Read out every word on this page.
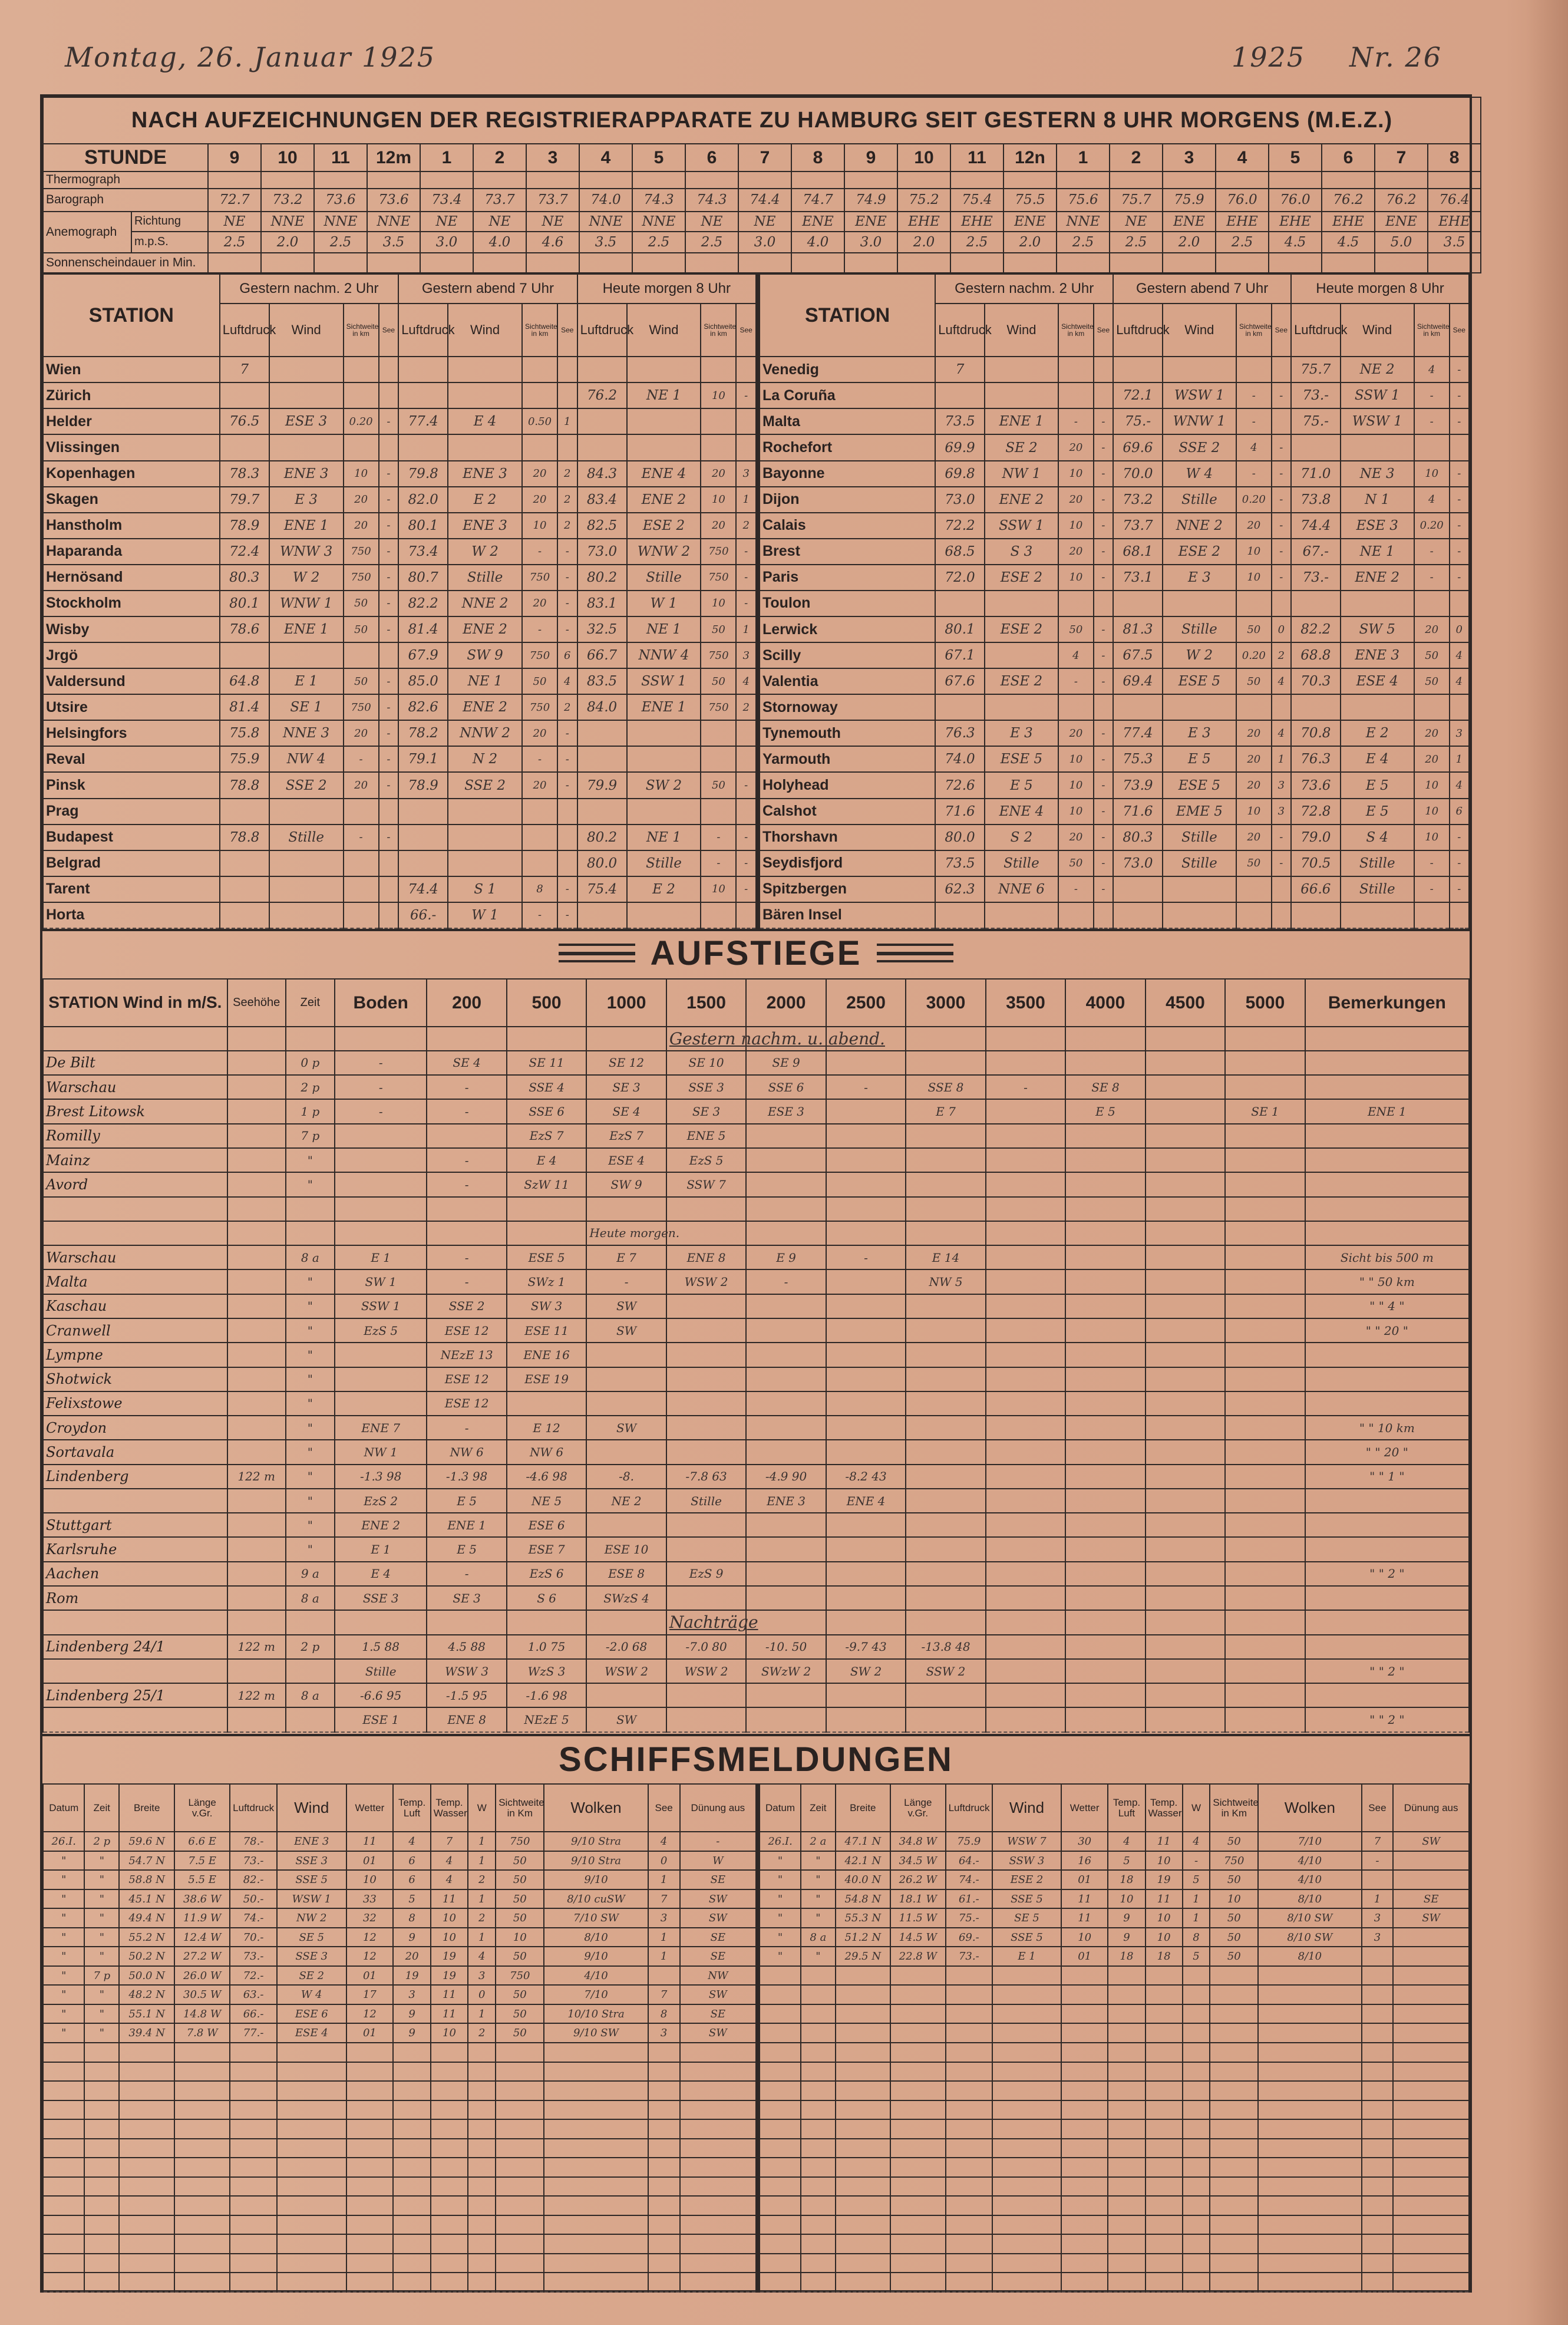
Montag, 26. Januar 1925	1925 Nr. 26
NACH AUFZEICHNUNGEN DER REGISTRIERAPPARATE ZU HAMBURG SEIT GESTERN 8 UHR MORGENS (M.E.Z.)																									
STUNDE		9	10	11	12m	1	2	3	4	5	6	7	8	9	10	11	12n	1	2	3	4	5	6	7	8
Thermograph																									
Barograph		72.7	73.2	73.6	73.6	73.4	73.7	73.7	74.0	74.3	74.3	74.4	74.7	74.9	75.2	75.4	75.5	75.6	75.7	75.9	76.0	76.0	76.2	76.2	76.4
Anemograph	Richtung	NE	NNE	NNE	NNE	NE	NE	NE	NNE	NNE	NE	NE	ENE	ENE	EHE	EHE	ENE	NNE	NE	ENE	EHE	EHE	EHE	ENE	EHE
	m.p.S.	2.5	2.0	2.5	3.5	3.0	4.0	4.6	3.5	2.5	2.5	3.0	4.0	3.0	2.0	2.5	2.0	2.5	2.5	2.0	2.5	4.5	4.5	5.0	3.5
Sonnenscheindauer in Min.																									
STATION	Gestern nachm. 2 Uhr				Gestern abend 7 Uhr				Heute morgen 8 Uhr			
	Luftdruck	Wind	Sichtweite in km	See	Luftdruck	Wind	Sichtweite in km	See	Luftdruck	Wind	Sichtweite in km	See
Wien	7											
Zürich									76.2	NE 1	10	-
Helder	76.5	ESE 3	0.20	-	77.4	E 4	0.50	1				
Vlissingen												
Kopenhagen	78.3	ENE 3	10	-	79.8	ENE 3	20	2	84.3	ENE 4	20	3
Skagen	79.7	E 3	20	-	82.0	E 2	20	2	83.4	ENE 2	10	1
Hanstholm	78.9	ENE 1	20	-	80.1	ENE 3	10	2	82.5	ESE 2	20	2
Haparanda	72.4	WNW 3	750	-	73.4	W 2	-	-	73.0	WNW 2	750	-
Hernösand	80.3	W 2	750	-	80.7	Stille	750	-	80.2	Stille	750	-
Stockholm	80.1	WNW 1	50	-	82.2	NNE 2	20	-	83.1	W 1	10	-
Wisby	78.6	ENE 1	50	-	81.4	ENE 2	-	-	32.5	NE 1	50	1
Jrgö					67.9	SW 9	750	6	66.7	NNW 4	750	3
Valdersund	64.8	E 1	50	-	85.0	NE 1	50	4	83.5	SSW 1	50	4
Utsire	81.4	SE 1	750	-	82.6	ENE 2	750	2	84.0	ENE 1	750	2
Helsingfors	75.8	NNE 3	20	-	78.2	NNW 2	20	-				
Reval	75.9	NW 4	-	-	79.1	N 2	-	-				
Pinsk	78.8	SSE 2	20	-	78.9	SSE 2	20	-	79.9	SW 2	50	-
Prag												
Budapest	78.8	Stille	-	-					80.2	NE 1	-	-
Belgrad									80.0	Stille	-	-
Tarent					74.4	S 1	8	-	75.4	E 2	10	-
Horta					66.-	W 1	-	-				
STATION	Gestern nachm. 2 Uhr				Gestern abend 7 Uhr				Heute morgen 8 Uhr			
	Luftdruck	Wind	Sichtweite in km	See	Luftdruck	Wind	Sichtweite in km	See	Luftdruck	Wind	Sichtweite in km	See
Venedig	7								75.7	NE 2	4	-
La Coruña					72.1	WSW 1	-	-	73.-	SSW 1	-	-
Malta	73.5	ENE 1	-	-	75.-	WNW 1	-		75.-	WSW 1	-	-
Rochefort	69.9	SE 2	20	-	69.6	SSE 2	4	-				
Bayonne	69.8	NW 1	10	-	70.0	W 4	-	-	71.0	NE 3	10	-
Dijon	73.0	ENE 2	20	-	73.2	Stille	0.20	-	73.8	N 1	4	-
Calais	72.2	SSW 1	10	-	73.7	NNE 2	20	-	74.4	ESE 3	0.20	-
Brest	68.5	S 3	20	-	68.1	ESE 2	10	-	67.-	NE 1	-	-
Paris	72.0	ESE 2	10	-	73.1	E 3	10	-	73.-	ENE 2	-	-
Toulon												
Lerwick	80.1	ESE 2	50	-	81.3	Stille	50	0	82.2	SW 5	20	0
Scilly	67.1		4	-	67.5	W 2	0.20	2	68.8	ENE 3	50	4
Valentia	67.6	ESE 2	-	-	69.4	ESE 5	50	4	70.3	ESE 4	50	4
Stornoway												
Tynemouth	76.3	E 3	20	-	77.4	E 3	20	4	70.8	E 2	20	3
Yarmouth	74.0	ESE 5	10	-	75.3	E 5	20	1	76.3	E 4	20	1
Holyhead	72.6	E 5	10	-	73.9	ESE 5	20	3	73.6	E 5	10	4
Calshot	71.6	ENE 4	10	-	71.6	EME 5	10	3	72.8	E 5	10	6
Thorshavn	80.0	S 2	20	-	80.3	Stille	20	-	79.0	S 4	10	-
Seydisfjord	73.5	Stille	50	-	73.0	Stille	50	-	70.5	Stille	-	-
Spitzbergen	62.3	NNE 6	-	-					66.6	Stille	-	-
Bären Insel												
AUFSTIEGE
STATION Wind in m/S.	Seehöhe	Zeit	Boden	200	500	1000	1500	2000	2500	3000	3500	4000	4500	5000	Bemerkungen
							Gestern nachm. u. abend.								
De Bilt		0 p	-	SE 4	SE 11	SE 12	SE 10	SE 9							
Warschau		2 p	-	-	SSE 4	SE 3	SSE 3	SSE 6	-	SSE 8	-	SE 8			
Brest Litowsk		1 p	-	-	SSE 6	SE 4	SE 3	ESE 3		E 7		E 5		SE 1	ENE 1
Romilly		7 p			EzS 7	EzS 7	ENE 5								
Mainz		"		-	E 4	ESE 4	EzS 5								
Avord		"		-	SzW 11	SW 9	SSW 7								

						Heute morgen.									
Warschau		8 a	E 1	-	ESE 5	E 7	ENE 8	E 9	-	E 14					Sicht bis 500 m
Malta		"	SW 1	-	SWz 1	-	WSW 2	-		NW 5					" " 50 km
Kaschau		"	SSW 1	SSE 2	SW 3	SW									" " 4 "
Cranwell		"	EzS 5	ESE 12	ESE 11	SW									" " 20 "
Lympne		"		NEzE 13	ENE 16										
Shotwick		"		ESE 12	ESE 19										
Felixstowe		"		ESE 12											
Croydon		"	ENE 7	-	E 12	SW									" " 10 km
Sortavala		"	NW 1	NW 6	NW 6										" " 20 "
Lindenberg	122 m	"	-1.3 98	-1.3 98	-4.6 98	-8.	-7.8 63	-4.9 90	-8.2 43						" " 1 "
		"	EzS 2	E 5	NE 5	NE 2	Stille	ENE 3	ENE 4						
Stuttgart		"	ENE 2	ENE 1	ESE 6										
Karlsruhe		"	E 1	E 5	ESE 7	ESE 10									
Aachen		9 a	E 4	-	EzS 6	ESE 8	EzS 9								" " 2 "
Rom		8 a	SSE 3	SE 3	S 6	SWzS 4									
							Nachträge								
Lindenberg 24/1	122 m	2 p	1.5 88	4.5 88	1.0 75	-2.0 68	-7.0 80	-10. 50	-9.7 43	-13.8 48					
			Stille	WSW 3	WzS 3	WSW 2	WSW 2	SWzW 2	SW 2	SSW 2					" " 2 "
Lindenberg 25/1	122 m	8 a	-6.6 95	-1.5 95	-1.6 98										
			ESE 1	ENE 8	NEzE 5	SW									" " 2 "
SCHIFFSMELDUNGEN
Datum	Zeit	Breite	Länge v.Gr.	Luftdruck	Wind	Wetter	Temp. Luft	Temp. Wasser	W	Sichtweite in Km	Wolken	See	Dünung aus
26.I.	2 p	59.6 N	6.6 E	78.-	ENE 3	11	4	7	1	750	9/10 Stra	4	-
"	"	54.7 N	7.5 E	73.-	SSE 3	01	6	4	1	50	9/10 Stra	0	W
"	"	58.8 N	5.5 E	82.-	SSE 5	10	6	4	2	50	9/10	1	SE
"	"	45.1 N	38.6 W	50.-	WSW 1	33	5	11	1	50	8/10 cuSW	7	SW
"	"	49.4 N	11.9 W	74.-	NW 2	32	8	10	2	50	7/10 SW	3	SW
"	"	55.2 N	12.4 W	70.-	SE 5	12	9	10	1	10	8/10	1	SE
"	"	50.2 N	27.2 W	73.-	SSE 3	12	20	19	4	50	9/10	1	SE
"	7 p	50.0 N	26.0 W	72.-	SE 2	01	19	19	3	750	4/10		NW
"	"	48.2 N	30.5 W	63.-	W 4	17	3	11	0	50	7/10	7	SW
"	"	55.1 N	14.8 W	66.-	ESE 6	12	9	11	1	50	10/10 Stra	8	SE
"	"	39.4 N	7.8 W	77.-	ESE 4	01	9	10	2	50	9/10 SW	3	SW

Datum	Zeit	Breite	Länge v.Gr.	Luftdruck	Wind	Wetter	Temp. Luft	Temp. Wasser	W	Sichtweite in Km	Wolken	See	Dünung aus
26.I.	2 a	47.1 N	34.8 W	75.9	WSW 7	30	4	11	4	50	7/10	7	SW
"	"	42.1 N	34.5 W	64.-	SSW 3	16	5	10	-	750	4/10	-	
"	"	40.0 N	26.2 W	74.-	ESE 2	01	18	19	5	50	4/10		
"	"	54.8 N	18.1 W	61.-	SSE 5	11	10	11	1	10	8/10	1	SE
"	"	55.3 N	11.5 W	75.-	SE 5	11	9	10	1	50	8/10 SW	3	SW
"	8 a	51.2 N	14.5 W	69.-	SSE 5	10	9	10	8	50	8/10 SW	3	
"	"	29.5 N	22.8 W	73.-	E 1	01	18	18	5	50	8/10		
